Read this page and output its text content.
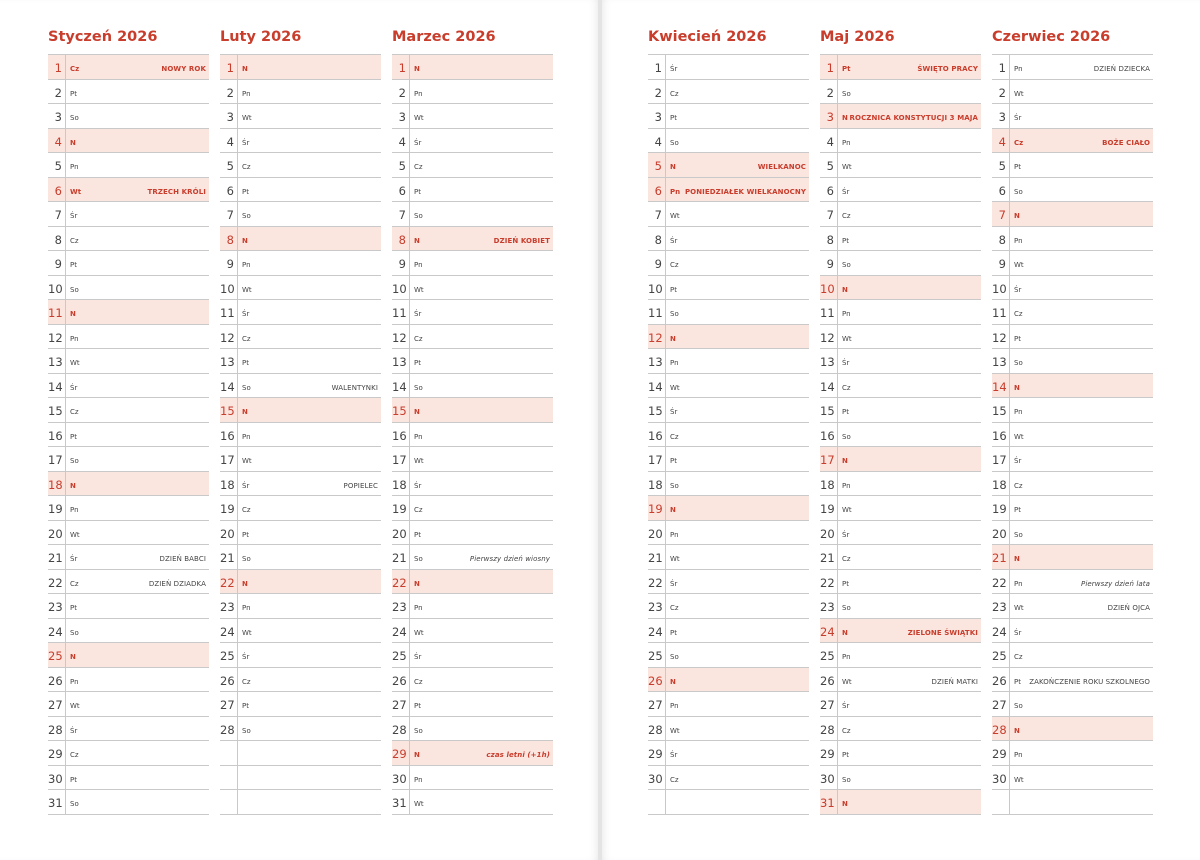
Styczeń 2026
1 Cz	NOWY ROK
2 Pt
3 So
4 N
5 Pn
6 Wt	TRZECH KRÓLI
7 Śr
8 Cz
9 Pt
10 So
11 N
12 Pn
13 Wt
14 Śr
15 Cz
16 Pt
17 So
18 N
19 Pn
20 Wt
21 Śr	DZIEŃ BABCI
22 Cz	DZIEŃ DZIADKA
23 Pt
24 So
25 N
26 Pn
27 Wt
28 Śr
29 Cz
30 Pt
31 So
Luty 2026
1 N
2 Pn
3 Wt
4 Śr
5 Cz
6 Pt
7 So
8 N
9 Pn
10 Wt
11 Śr
12 Cz
13 Pt
14 So	WALENTYNKI
15 N
16 Pn
17 Wt
18 Śr	POPIELEC
19 Cz
20 Pt
21 So
22 N
23 Pn
24 Wt
25 Śr
26 Cz
27 Pt
28 So
Marzec 2026
1 N
2 Pn
3 Wt
4 Śr
5 Cz
6 Pt
7 So
8 N	DZIEŃ KOBIET
9 Pn
10 Wt
11 Śr
12 Cz
13 Pt
14 So
15 N
16 Pn
17 Wt
18 Śr
19 Cz
20 Pt
21 So	Pierwszy dzień wiosny
22 N
23 Pn
24 Wt
25 Śr
26 Cz
27 Pt
28 So
29 N	czas letni (+1h)
30 Pn
31 Wt
Kwiecień 2026
1 Śr
2 Cz
3 Pt
4 So
5 N	WIELKANOC
6 Pn PONIEDZIAŁEK WIELKANOCNY
7 Wt
8 Śr
9 Cz
10 Pt
11 So
12 N
13 Pn
14 Wt
15 Śr
16 Cz
17 Pt
18 So
19 N
20 Pn
21 Wt
22 Śr
23 Cz
24 Pt
25 So
26 N
27 Pn
28 Wt
29 Śr
30 Cz
Maj 2026
1 Pt	ŚWIĘTO PRACY
2 So
3 N ROCZNICA KONSTYTUCJI 3 MAJA
4 Pn
5 Wt
6 Śr
7 Cz
8 Pt
9 So
10 N
11 Pn
12 Wt
13 Śr
14 Cz
15 Pt
16 So
17 N
18 Pn
19 Wt
20 Śr
21 Cz
22 Pt
23 So
24 N	ZIELONE ŚWIĄTKI
25 Pn
26 Wt	DZIEŃ MATKI
27 Śr
28 Cz
29 Pt
30 So
31 N
Czerwiec 2026
1 Pn	DZIEŃ DZIECKA
2 Wt
3 Śr
4 Cz	BOŻE CIAŁO
5 Pt
6 So
7 N
8 Pn
9 Wt
10 Śr
11 Cz
12 Pt
13 So
14 N
15 Pn
16 Wt
17 Śr
18 Cz
19 Pt
20 So
21 N
22 Pn	Pierwszy dzień lata
23 Wt	DZIEŃ OJCA
24 Śr
25 Cz
26 Pt ZAKOŃCZENIE ROKU SZKOLNEGO
27 So
28 N
29 Pn
30 Wt
